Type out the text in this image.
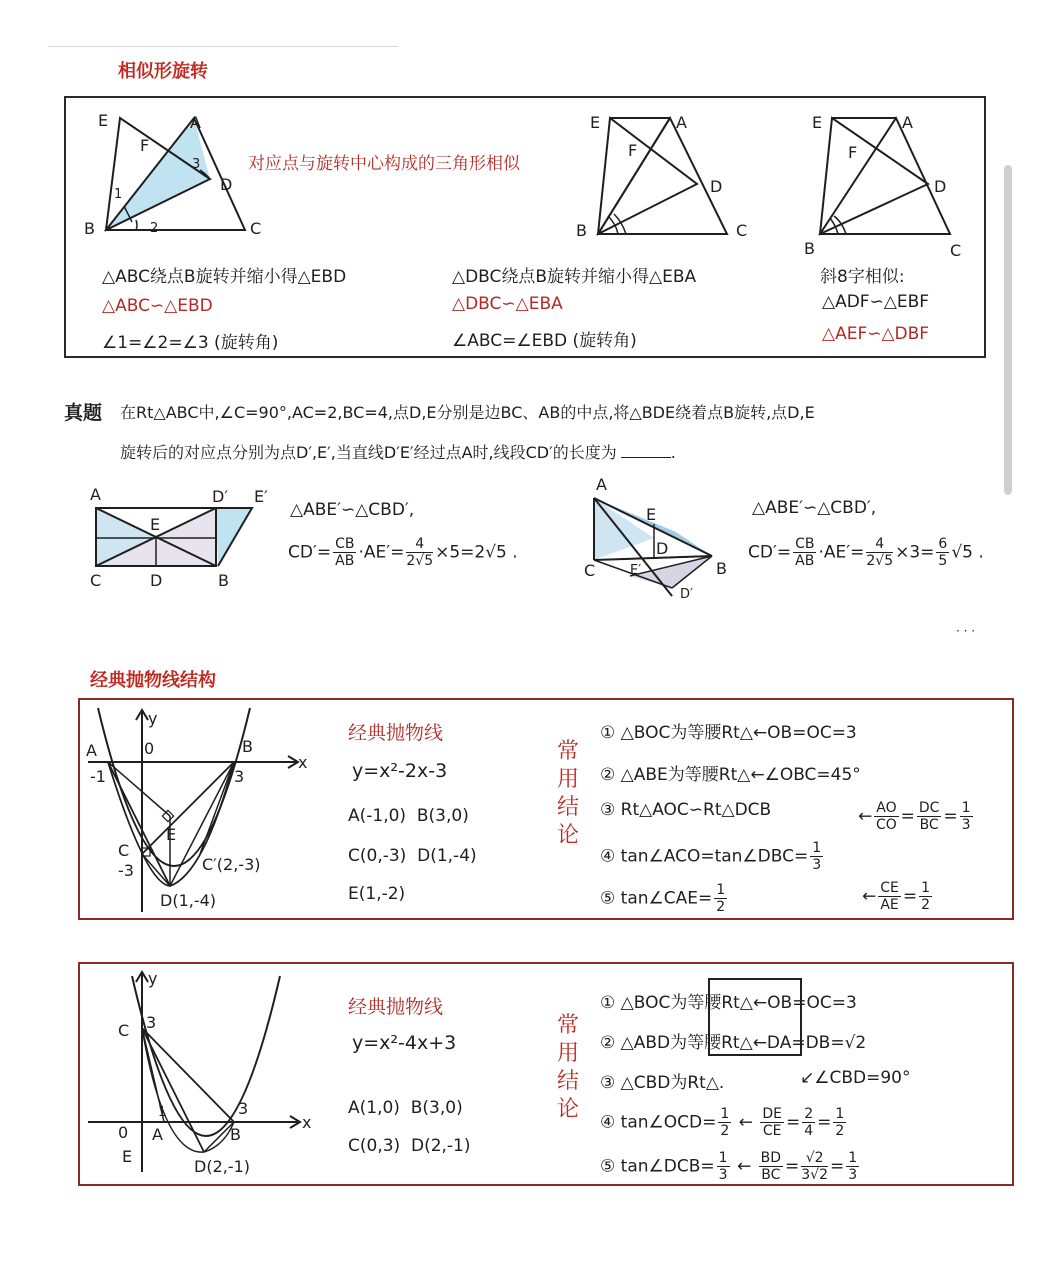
相似形旋转
E	A
F
3
1
D
B	2	C
对应点与旋转中心构成的三角形相似
E	A
F
D
B	C
E	A
F
D
B	C
△ABC绕点B旋转并缩小得△EBD
△ABC∽△EBD
∠1=∠2=∠3 (旋转角)
△DBC绕点B旋转并缩小得△EBA
△DBC∽△EBA
∠ABC=∠EBD (旋转角)
斜8字相似:
△ADF∽△EBF
△AEF∽△DBF
真题 在Rt△ABC中,∠C=90°,AC=2,BC=4,点D,E分别是边BC、AB的中点,将△BDE绕着点B旋转,点D,E
旋转后的对应点分别为点D′,E′,当直线D′E′经过点A时,线段CD′的长度为	.
A	D′ E′
E
C	D	B
△ABE′∽△CBD′,
$CD'= \frac{CB}{AB} \cdot AE'= \frac{4}{2√5} \times 5=2√5$ .
A
E
D
B
C	E′
D′
△ABE′∽△CBD′,
$CD'= \frac{CB}{AB} \cdot AE'= \frac{4}{2√5} \times 3= \frac{6}{5} √5$ .
· · ·
经典抛物线结构
y
A	0	B
x
-1	3
C
-3
E
C′(2,-3)
D(1,-4)
经典抛物线
y=x²-2x-3
A(-1,0)  B(3,0)
C(0,-3)  D(1,-4)
E(1,-2)
常
用
结
论
① △BOC为等腰Rt△←OB=OC=3
② △ABE为等腰Rt△←∠OBC=45°
③ Rt△AOC∽Rt△DCB	← $\frac{AO}{CO} = \frac{DC}{BC} = \frac{1}{3}$
④ tan∠ACO=tan∠DBC= $\frac{1}{3}$
⑤ tan∠CAE= $\frac{1}{2}$	← $\frac{CE}{AE} = \frac{1}{2}$
y
C 3
x
1	3
0 A	B
E
D(2,-1)
经典抛物线
y=x²-4x+3
A(1,0)  B(3,0)
C(0,3)  D(2,-1)
常
用
结
论
① △BOC为等腰Rt△←OB=OC=3
② △ABD为等腰Rt△←DA=DB=√2
③ △CBD为Rt△.	↙∠CBD=90°
④ tan∠OCD= $\frac{1}{2}$ ← $\frac{DE}{CE} = \frac{2}{4} = \frac{1}{2}$
⑤ tan∠DCB= $\frac{1}{3}$ ← $\frac{BD}{BC} = \frac{√2}{3√2} = \frac{1}{3}$
